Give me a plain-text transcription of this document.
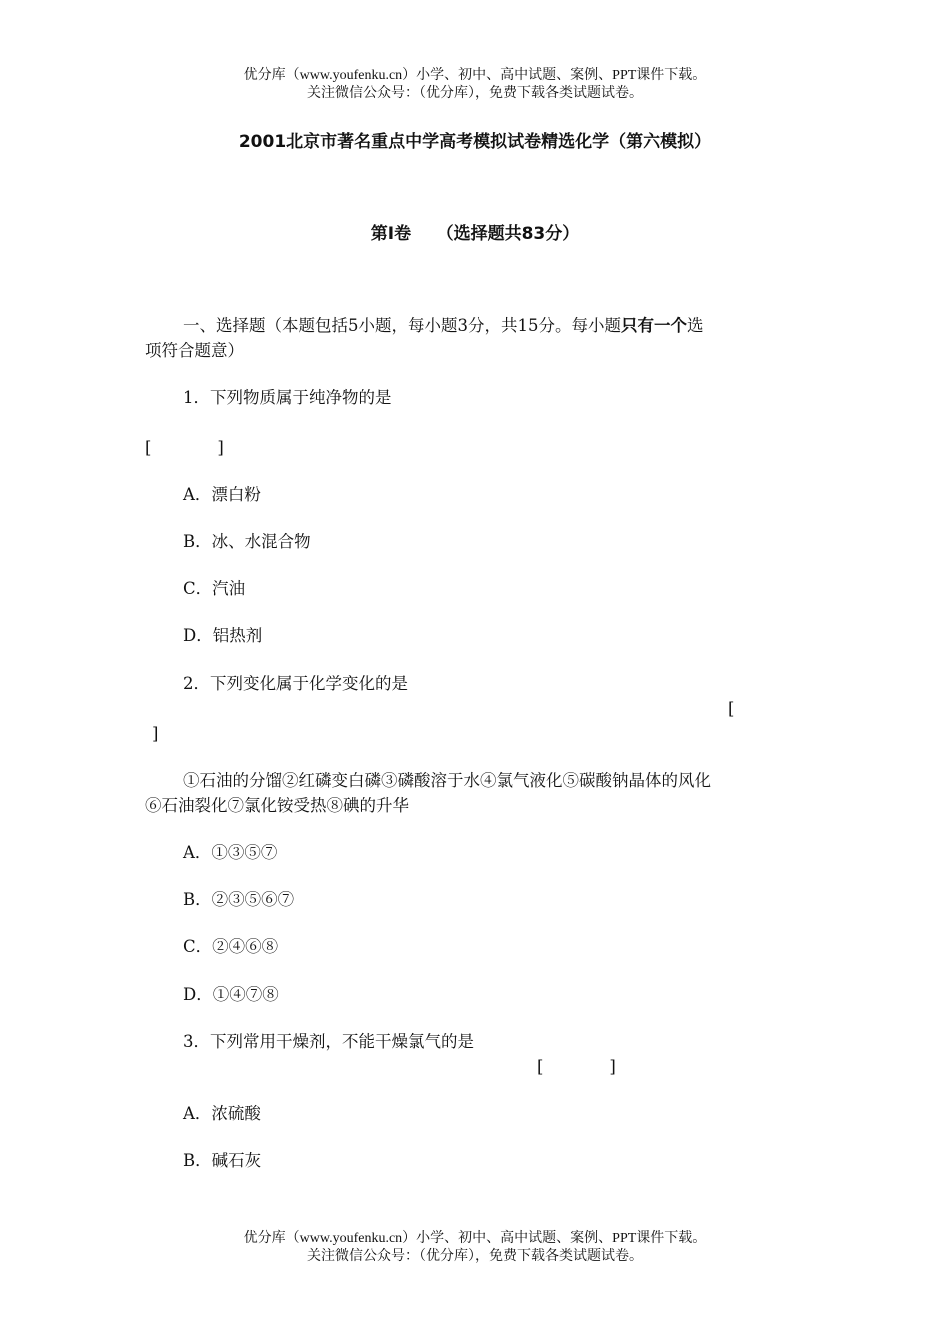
优分库（www.youfenku.cn）小学、初中、高中试题、案例、PPT课件下载。
关注微信公众号：（优分库），免费下载各类试题试卷。
2001北京市著名重点中学高考模拟试卷精选化学（第六模拟）
第Ⅰ卷　　（选择题共83分）
一、选择题（本题包括5小题，每小题3分，共15分。每小题只有一个选
项符合题意）
1．下列物质属于纯净物的是
[　　　　]
A．漂白粉
B．冰、水混合物
C．汽油
D．铝热剂
2．下列变化属于化学变化的是
[
]
①石油的分馏②红磷变白磷③磷酸溶于水④氯气液化⑤碳酸钠晶体的风化
⑥石油裂化⑦氯化铵受热⑧碘的升华
A．①③⑤⑦
B．②③⑤⑥⑦
C．②④⑥⑧
D．①④⑦⑧
3．下列常用干燥剂，不能干燥氯气的是
[　　　　]
A．浓硫酸
B．碱石灰
优分库（www.youfenku.cn）小学、初中、高中试题、案例、PPT课件下载。
关注微信公众号：（优分库），免费下载各类试题试卷。
